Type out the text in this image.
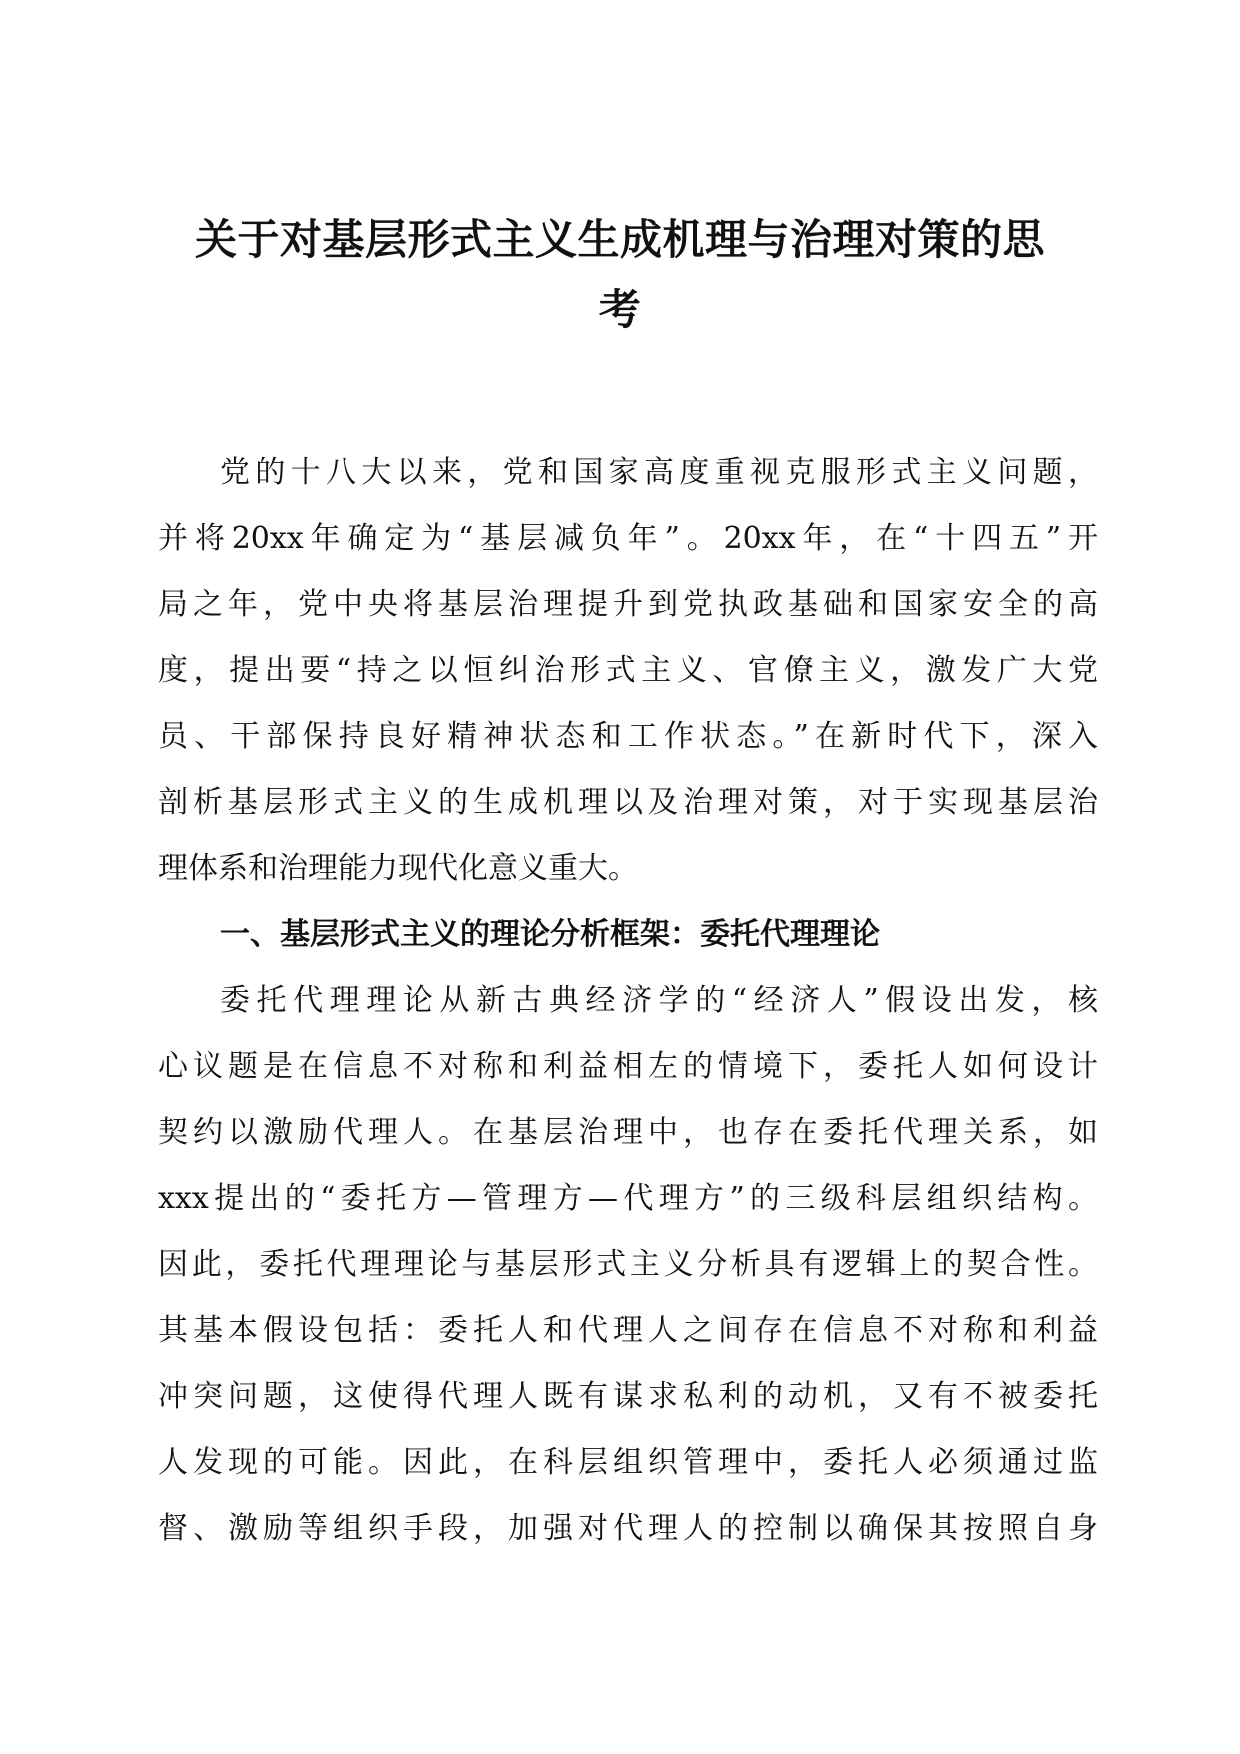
关于对基层形式主义生成机理与治理对策的思
考
党的十八大以来，党和国家高度重视克服形式主义问题，
并将20xx年确定为“基层减负年”。20xx年，在“十四五”开
局之年，党中央将基层治理提升到党执政基础和国家安全的高
度，提出要“持之以恒纠治形式主义、官僚主义，激发广大党
员、干部保持良好精神状态和工作状态。”在新时代下，深入
剖析基层形式主义的生成机理以及治理对策，对于实现基层治
理体系和治理能力现代化意义重大。
一、基层形式主义的理论分析框架：委托代理理论
委托代理理论从新古典经济学的“经济人”假设出发，核
心议题是在信息不对称和利益相左的情境下，委托人如何设计
契约以激励代理人。在基层治理中，也存在委托代理关系，如
xxx提出的“委托方—管理方—代理方”的三级科层组织结构。
因此，委托代理理论与基层形式主义分析具有逻辑上的契合性。
其基本假设包括：委托人和代理人之间存在信息不对称和利益
冲突问题，这使得代理人既有谋求私利的动机，又有不被委托
人发现的可能。因此，在科层组织管理中，委托人必须通过监
督、激励等组织手段，加强对代理人的控制以确保其按照自身
